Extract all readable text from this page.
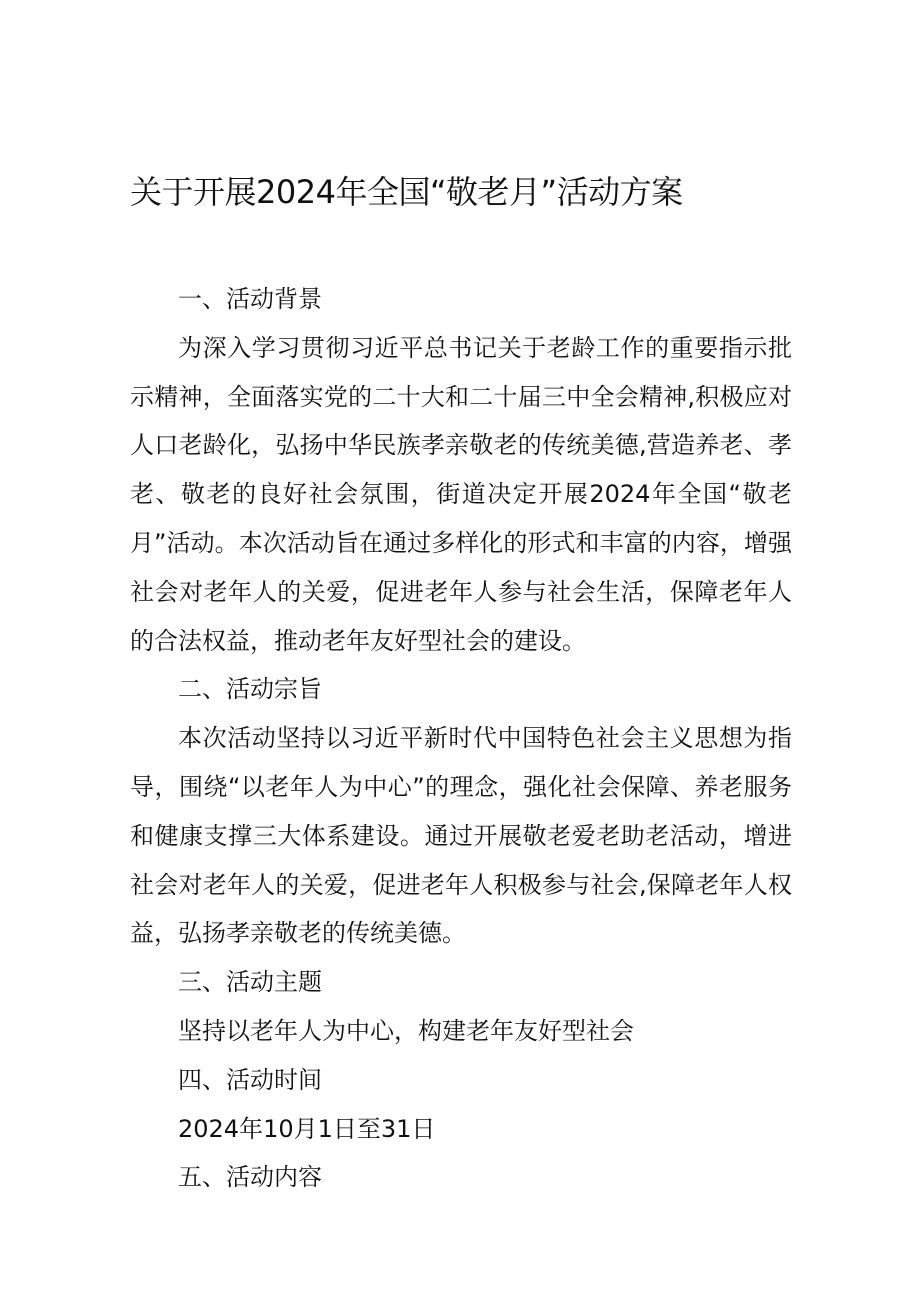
关于开展2024年全国“敬老月”活动方案

一、活动背景

为深入学习贯彻习近平总书记关于老龄工作的重要指示批示精神，全面落实党的二十大和二十届三中全会精神,积极应对人口老龄化，弘扬中华民族孝亲敬老的传统美德,营造养老、孝老、敬老的良好社会氛围，街道决定开展2024年全国“敬老月”活动。本次活动旨在通过多样化的形式和丰富的内容，增强社会对老年人的关爱，促进老年人参与社会生活，保障老年人的合法权益，推动老年友好型社会的建设。

二、活动宗旨

本次活动坚持以习近平新时代中国特色社会主义思想为指导，围绕“以老年人为中心”的理念，强化社会保障、养老服务和健康支撑三大体系建设。通过开展敬老爱老助老活动，增进社会对老年人的关爱，促进老年人积极参与社会,保障老年人权益，弘扬孝亲敬老的传统美德。

三、活动主题

坚持以老年人为中心，构建老年友好型社会

四、活动时间

2024年10月1日至31日

五、活动内容
